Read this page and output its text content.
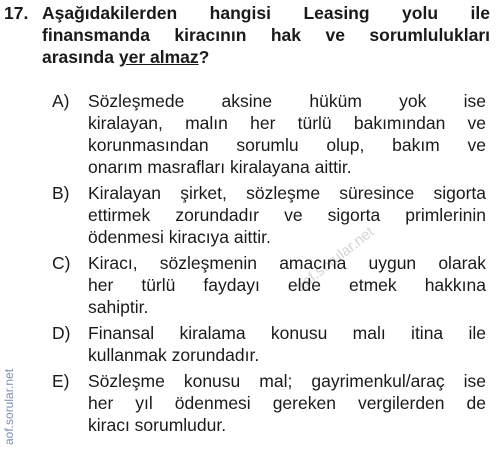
aof.sorular.net
17. Aşağıdakilerden hangisi Leasing yolu ile
finansmanda kiracının hak ve sorumlulukları
arasında yer almaz?
A)	Sözleşmede aksine hüküm yok ise
kiralayan, malın her türlü bakımından ve
korunmasından sorumlu olup, bakım ve
onarım masrafları kiralayana aittir.
B)	Kiralayan şirket, sözleşme süresince sigorta
ettirmek zorundadır ve sigorta primlerinin
ödenmesi kiracıya aittir.
C)	Kiracı, sözleşmenin amacına uygun olarak
her türlü faydayı elde etmek hakkına
sahiptir.
D)	Finansal kiralama konusu malı itina ile
kullanmak zorundadır.
E)	Sözleşme konusu mal; gayrimenkul/araç ise
her yıl ödenmesi gereken vergilerden de
kiracı sorumludur.
aof.sorular.net
